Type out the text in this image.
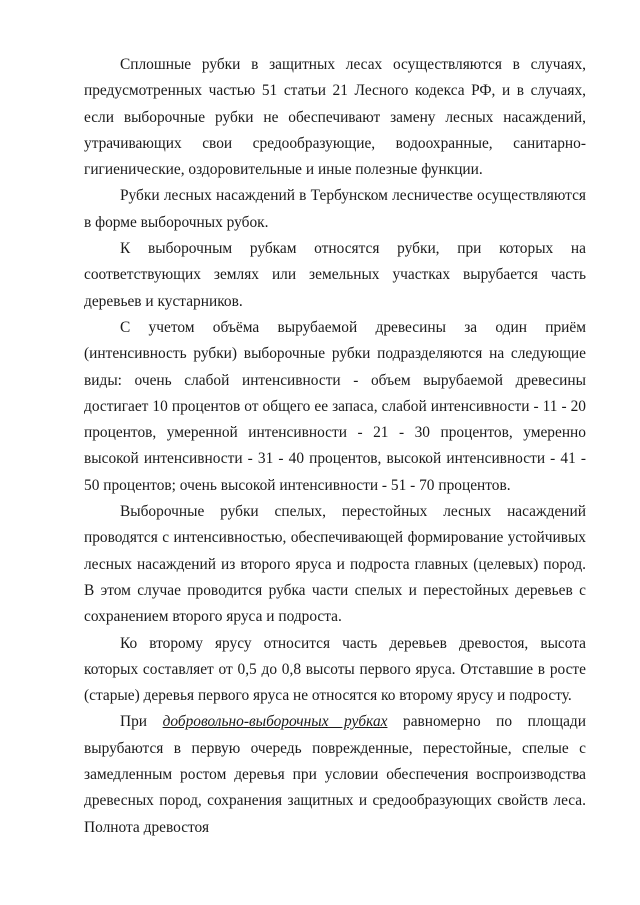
Сплошные рубки в защитных лесах осуществляются в случаях, предусмотренных частью 51 статьи 21 Лесного кодекса РФ, и в случаях, если выборочные рубки не обеспечивают замену лесных насаждений, утрачивающих свои средообразующие, водоохранные, санитарно-гигиенические, оздоровительные и иные полезные функции.

Рубки лесных насаждений в Тербунском лесничестве осуществляются в форме выборочных рубок.

К выборочным рубкам относятся рубки, при которых на соответствующих землях или земельных участках вырубается часть деревьев и кустарников.

С учетом объёма вырубаемой древесины за один приём (интенсивность рубки) выборочные рубки подразделяются на следующие виды: очень слабой интенсивности - объем вырубаемой древесины достигает 10 процентов от общего ее запаса, слабой интенсивности - 11 - 20 процентов, умеренной интенсивности - 21 - 30 процентов, умеренно высокой интенсивности - 31 - 40 процентов, высокой интенсивности - 41 - 50 процентов; очень высокой интенсивности - 51 - 70 процентов.

Выборочные рубки спелых, перестойных лесных насаждений проводятся с интенсивностью, обеспечивающей формирование устойчивых лесных насаждений из второго яруса и подроста главных (целевых) пород. В этом случае проводится рубка части спелых и перестойных деревьев с сохранением второго яруса и подроста.

Ко второму ярусу относится часть деревьев древостоя, высота которых составляет от 0,5 до 0,8 высоты первого яруса. Отставшие в росте (старые) деревья первого яруса не относятся ко второму ярусу и подросту.

При добровольно-выборочных рубках равномерно по площади вырубаются в первую очередь поврежденные, перестойные, спелые с замедленным ростом деревья при условии обеспечения воспроизводства древесных пород, сохранения защитных и средообразующих свойств леса. Полнота древостоя
